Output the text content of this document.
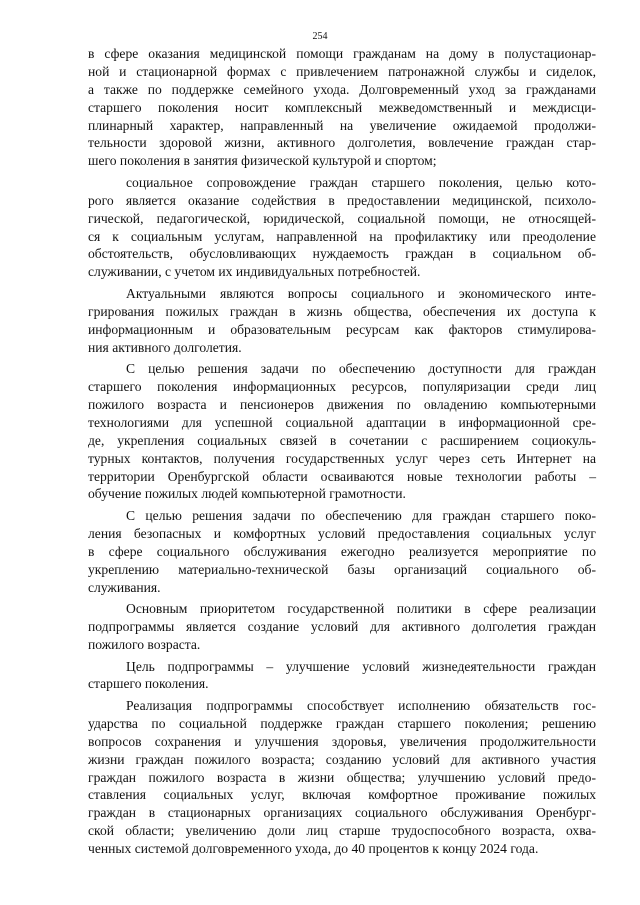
254
в сфере оказания медицинской помощи гражданам на дому в полустационар-
ной и стационарной формах с привлечением патронажной службы и сиделок,
а также по поддержке семейного ухода. Долговременный уход за гражданами
старшего поколения носит комплексный межведомственный и междисци-
плинарный характер, направленный на увеличение ожидаемой продолжи-
тельности здоровой жизни, активного долголетия, вовлечение граждан стар-
шего поколения в занятия физической культурой и спортом;
социальное сопровождение граждан старшего поколения, целью кото-
рого является оказание содействия в предоставлении медицинской, психоло-
гической, педагогической, юридической, социальной помощи, не относящей-
ся к социальным услугам, направленной на профилактику или преодоление
обстоятельств, обусловливающих нуждаемость граждан в социальном об-
служивании, с учетом их индивидуальных потребностей.
Актуальными являются вопросы социального и экономического инте-
грирования пожилых граждан в жизнь общества, обеспечения их доступа к
информационным и образовательным ресурсам как факторов стимулирова-
ния активного долголетия.
С целью решения задачи по обеспечению доступности для граждан
старшего поколения информационных ресурсов, популяризации среди лиц
пожилого возраста и пенсионеров движения по овладению компьютерными
технологиями для успешной социальной адаптации в информационной сре-
де, укрепления социальных связей в сочетании с расширением социокуль-
турных контактов, получения государственных услуг через сеть Интернет на
территории Оренбургской области осваиваются новые технологии работы –
обучение пожилых людей компьютерной грамотности.
С целью решения задачи по обеспечению для граждан старшего поко-
ления безопасных и комфортных условий предоставления социальных услуг
в сфере социального обслуживания ежегодно реализуется мероприятие по
укреплению материально-технической базы организаций социального об-
служивания.
Основным приоритетом государственной политики в сфере реализации
подпрограммы является создание условий для активного долголетия граждан
пожилого возраста.
Цель подпрограммы – улучшение условий жизнедеятельности граждан
старшего поколения.
Реализация подпрограммы способствует исполнению обязательств гос-
ударства по социальной поддержке граждан старшего поколения; решению
вопросов сохранения и улучшения здоровья, увеличения продолжительности
жизни граждан пожилого возраста; созданию условий для активного участия
граждан пожилого возраста в жизни общества; улучшению условий предо-
ставления социальных услуг, включая комфортное проживание пожилых
граждан в стационарных организациях социального обслуживания Оренбург-
ской области; увеличению доли лиц старше трудоспособного возраста, охва-
ченных системой долговременного ухода, до 40 процентов к концу 2024 года.
